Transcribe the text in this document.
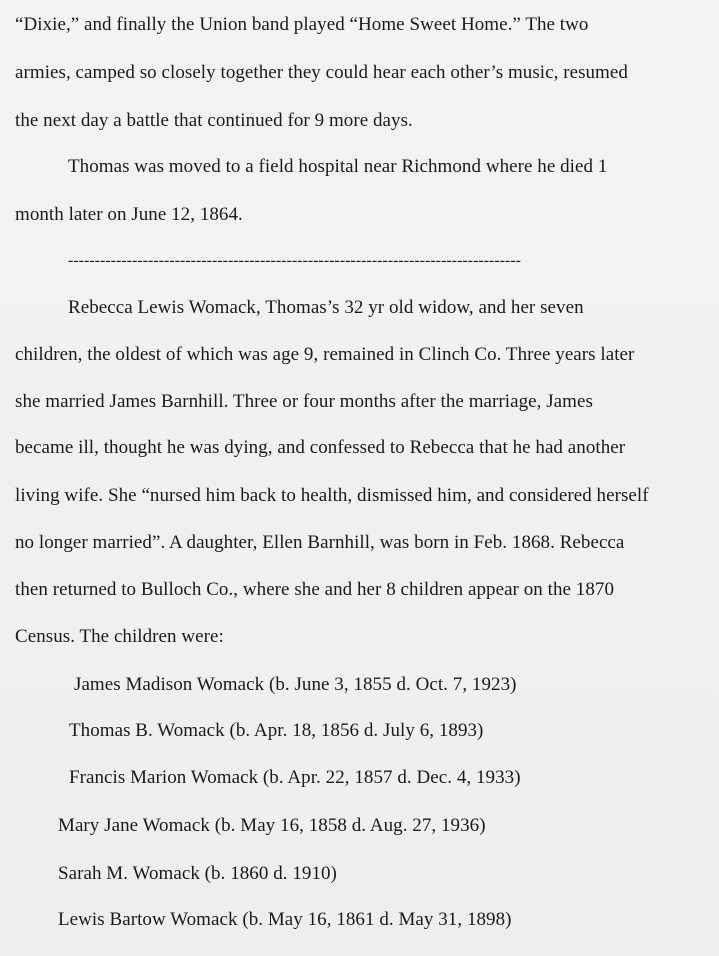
“Dixie,” and finally the Union band played “Home Sweet Home.” The two
armies, camped so closely together they could hear each other’s music, resumed
the next day a battle that continued for 9 more days.
Thomas was moved to a field hospital near Richmond where he died 1
month later on June 12, 1864.
-------------------------------------------------------------------------------------
Rebecca Lewis Womack, Thomas’s 32 yr old widow, and her seven
children, the oldest of which was age 9, remained in Clinch Co. Three years later
she married James Barnhill. Three or four months after the marriage, James
became ill, thought he was dying, and confessed to Rebecca that he had another
living wife. She “nursed him back to health, dismissed him, and considered herself
no longer married”. A daughter, Ellen Barnhill, was born in Feb. 1868. Rebecca
then returned to Bulloch Co., where she and her 8 children appear on the 1870
Census. The children were:
James Madison Womack (b. June 3, 1855 d. Oct. 7, 1923)
Thomas B. Womack (b. Apr. 18, 1856 d. July 6, 1893)
Francis Marion Womack (b. Apr. 22, 1857 d. Dec. 4, 1933)
Mary Jane Womack (b. May 16, 1858 d. Aug. 27, 1936)
Sarah M. Womack (b. 1860 d. 1910)
Lewis Bartow Womack (b. May 16, 1861 d. May 31, 1898)
